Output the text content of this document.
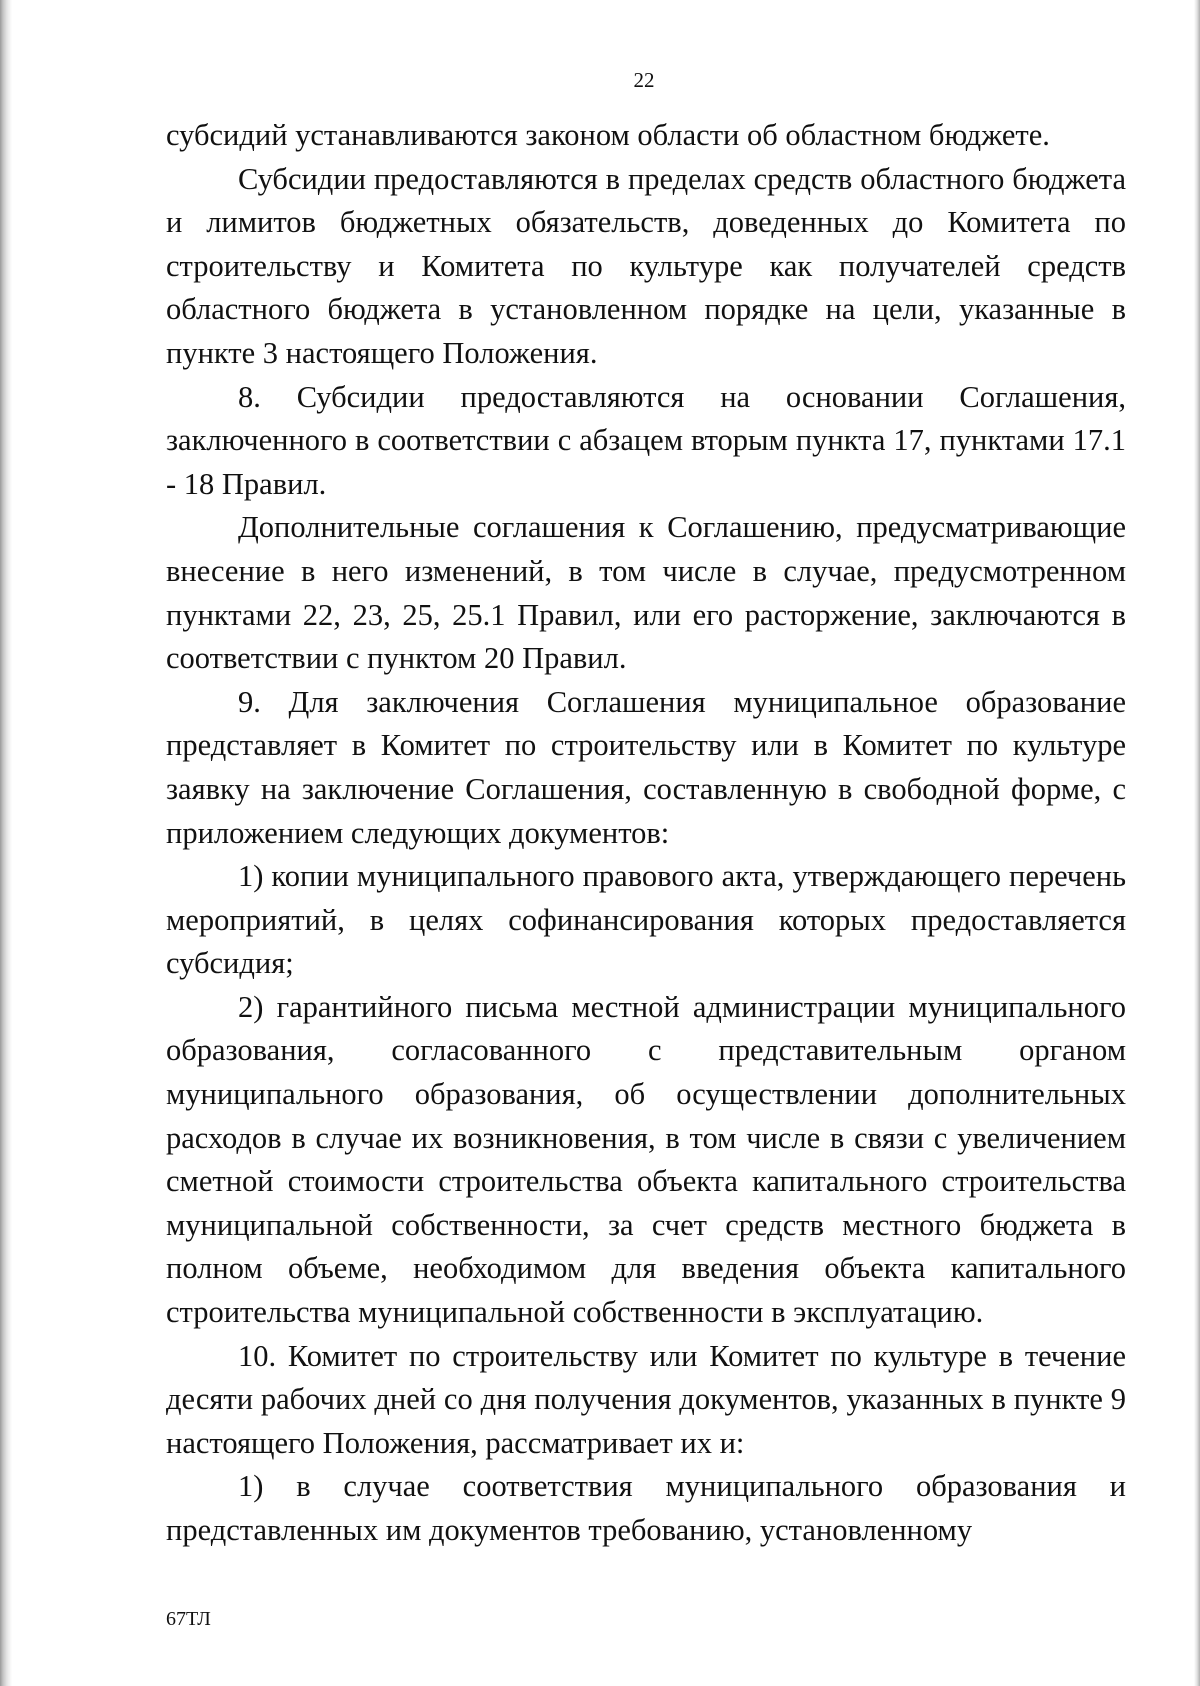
22

субсидий устанавливаются законом области об областном бюджете.

Субсидии предоставляются в пределах средств областного бюджета и лимитов бюджетных обязательств, доведенных до Комитета по строительству и Комитета по культуре как получателей средств областного бюджета в установленном порядке на цели, указанные в пункте 3 настоящего Положения.

8. Субсидии предоставляются на основании Соглашения, заключенного в соответствии с абзацем вторым пункта 17, пунктами 17.1 - 18 Правил.

Дополнительные соглашения к Соглашению, предусматривающие внесение в него изменений, в том числе в случае, предусмотренном пунктами 22, 23, 25, 25.1 Правил, или его расторжение, заключаются в соответствии с пунктом 20 Правил.

9. Для заключения Соглашения муниципальное образование представляет в Комитет по строительству или в Комитет по культуре заявку на заключение Соглашения, составленную в свободной форме, с приложением следующих документов:

1) копии муниципального правового акта, утверждающего перечень мероприятий, в целях софинансирования которых предоставляется субсидия;

2) гарантийного письма местной администрации муниципального образования, согласованного с представительным органом муниципального образования, об осуществлении дополнительных расходов в случае их возникновения, в том числе в связи с увеличением сметной стоимости строительства объекта капитального строительства муниципальной собственности, за счет средств местного бюджета в полном объеме, необходимом для введения объекта капитального строительства муниципальной собственности в эксплуатацию.

10. Комитет по строительству или Комитет по культуре в течение десяти рабочих дней со дня получения документов, указанных в пункте 9 настоящего Положения, рассматривает их и:

1) в случае соответствия муниципального образования и представленных им документов требованию, установленному

67ТЛ
